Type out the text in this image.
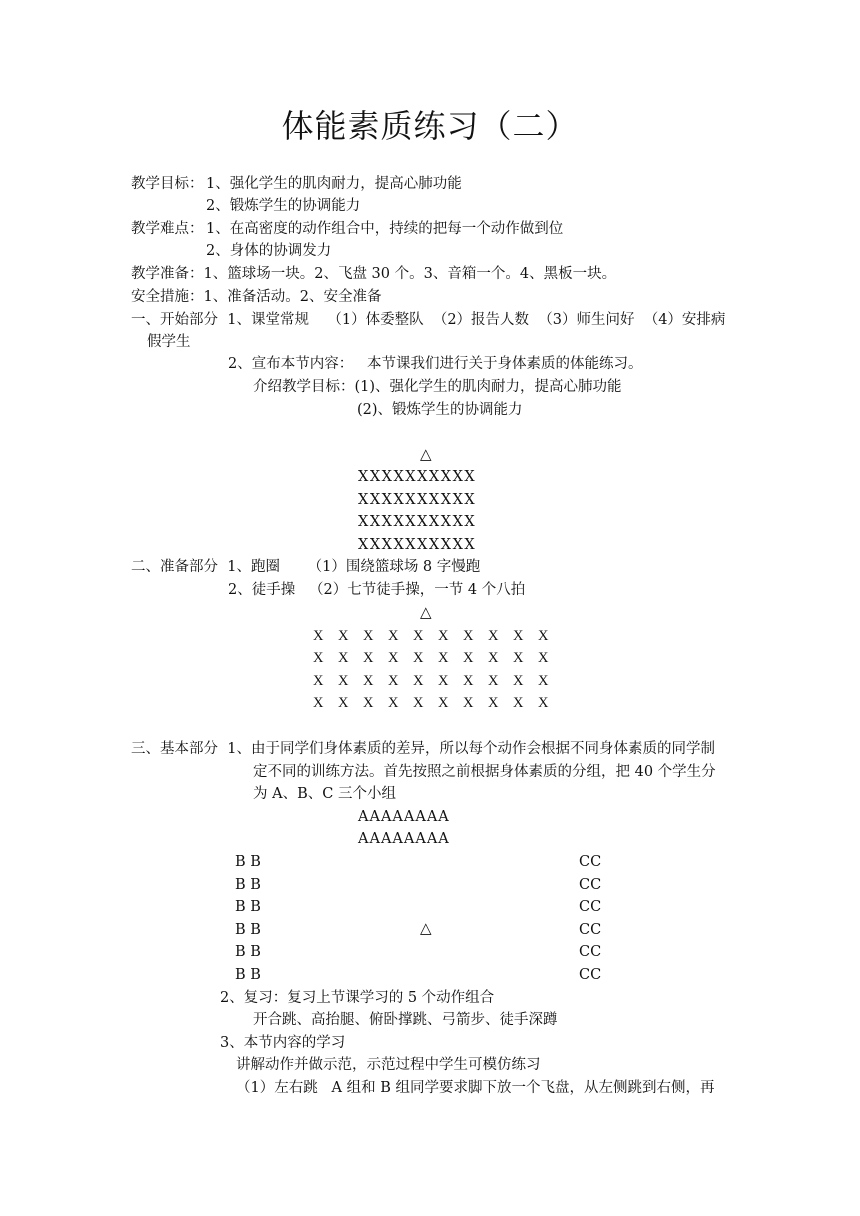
体能素质练习（二）
教学目标： 1、强化学生的肌肉耐力，提高心肺功能
2、锻炼学生的协调能力
教学难点： 1、在高密度的动作组合中，持续的把每一个动作做到位
2、身体的协调发力
教学准备：1、篮球场一块。2、飞盘 30 个。3、音箱一个。4、黑板一块。
安全措施：1、准备活动。2、安全准备
一、开始部分  1、课堂常规    （1）体委整队  （2）报告人数  （3）师生问好  （4）安排病
假学生
2、宣布本节内容：   本节课我们进行关于身体素质的体能练习。
介绍教学目标：(1)、强化学生的肌肉耐力，提高心肺功能
(2)、锻炼学生的协调能力
△
XXXXXXXXXX
XXXXXXXXXX
XXXXXXXXXX
XXXXXXXXXX
二、准备部分  1、跑圈      （1）围绕篮球场 8 字慢跑
2、徒手操   （2）七节徒手操，一节 4 个八拍
△
X	X	X	X	X	X	X	X	X	X
X	X	X	X	X	X	X	X	X	X
X	X	X	X	X	X	X	X	X	X
X	X	X	X	X	X	X	X	X	X
三、基本部分  1、由于同学们身体素质的差异，所以每个动作会根据不同身体素质的同学制
定不同的训练方法。首先按照之前根据身体素质的分组，把 40 个学生分
为 A、B、C 三个小组
AAAAAAAA
AAAAAAAA
B B
B B
B B
B B
B B
B B
△
CC
CC
CC
CC
CC
CC
2、复习：复习上节课学习的 5 个动作组合
开合跳、高抬腿、俯卧撑跳、弓箭步、徒手深蹲
3、本节内容的学习
讲解动作并做示范，示范过程中学生可模仿练习
（1）左右跳   A 组和 B 组同学要求脚下放一个飞盘，从左侧跳到右侧，再
